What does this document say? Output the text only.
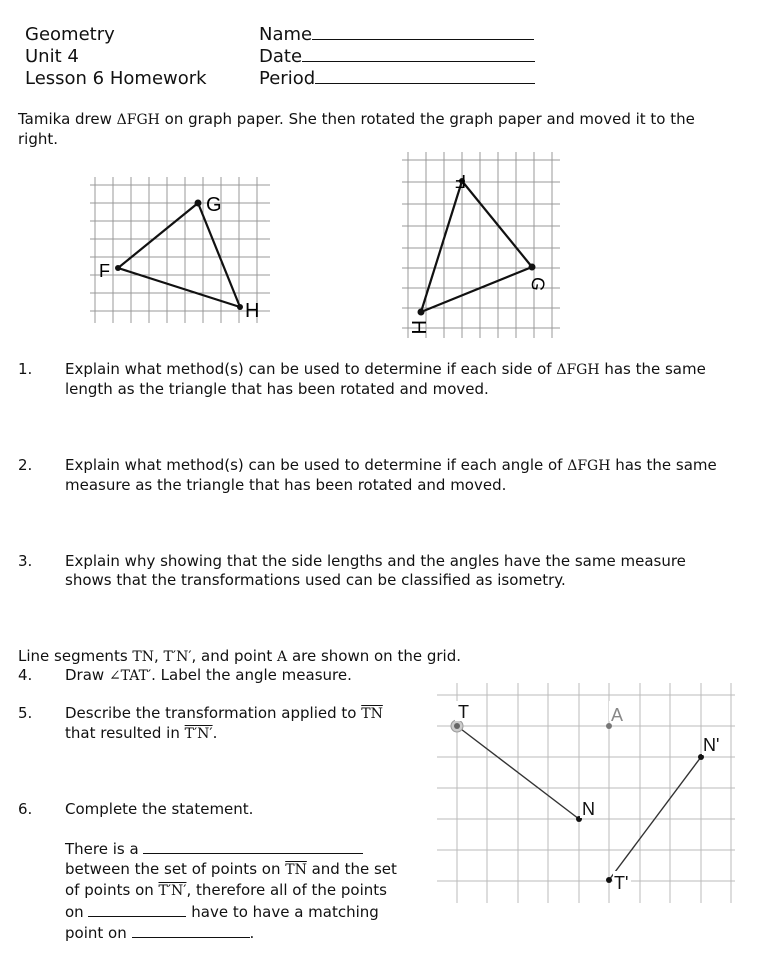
Geometry
Unit 4
Lesson 6 Homework
Name
Date
Period
Tamika drew ΔFGH on graph paper. She then rotated the graph paper and moved it to the right.
F
G
H
F
G
H
1. Explain what method(s) can be used to determine if each side of ΔFGH has the same length as the triangle that has been rotated and moved.
2. Explain what method(s) can be used to determine if each angle of ΔFGH has the same measure as the triangle that has been rotated and moved.
3. Explain why showing that the side lengths and the angles have the same measure shows that the transformations used can be classified as isometry.
Line segments TN, T′N′, and point A are shown on the grid.
4. Draw ∠TAT′. Label the angle measure.
5. Describe the transformation applied to $\overline{TN}$
that resulted in T′N′.
6. Complete the statement.
There is a
between the set of points on $\overline{TN}$ and the set
of points on T′N′, therefore all of the points
on	have to have a matching
point on	.
T	A
N
N'
T'
